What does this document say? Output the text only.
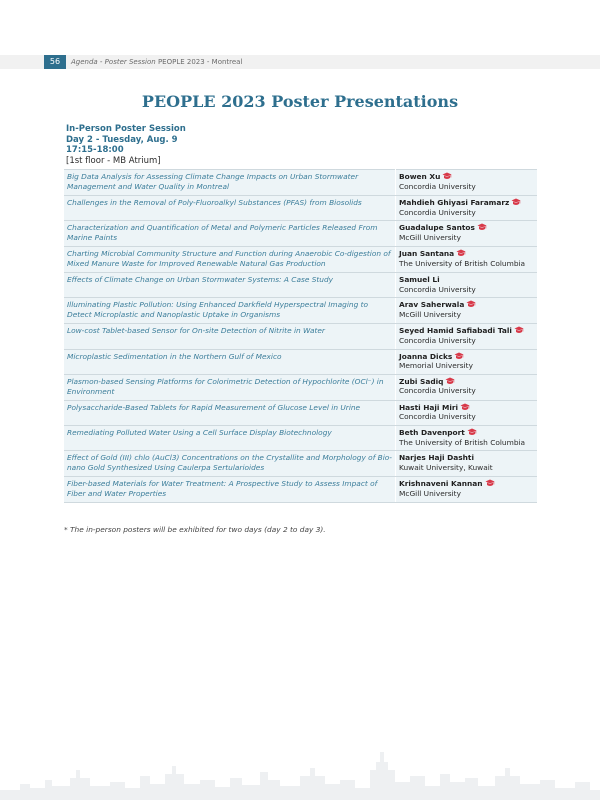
56	Agenda - Poster Session PEOPLE 2023 - Montreal
PEOPLE 2023 Poster Presentations
In-Person Poster Session
Day 2 - Tuesday, Aug. 9
17:15-18:00
[1st floor - MB Atrium]
Big Data Analysis for Assessing Climate Change Impacts on Urban Stormwater Management and Water Quality in Montreal	Bowen Xu
Concordia University

Challenges in the Removal of Poly-Fluoroalkyl Substances (PFAS) from Biosolids	Mahdieh Ghiyasi Faramarz
Concordia University

Characterization and Quantification of Metal and Polymeric Particles Released From Marine Paints	Guadalupe Santos
McGill University

Charting Microbial Community Structure and Function during Anaerobic Co-digestion of Mixed Manure Waste for Improved Renewable Natural Gas Production	Juan Santana
The University of British Columbia

Effects of Climate Change on Urban Stormwater Systems: A Case Study	Samuel Li
Concordia University

Illuminating Plastic Pollution: Using Enhanced Darkfield Hyperspectral Imaging to Detect Microplastic and Nanoplastic Uptake in Organisms	Arav Saherwala
McGill University

Low-cost Tablet-based Sensor for On-site Detection of Nitrite in Water	Seyed Hamid Safiabadi Tali
Concordia University

Microplastic Sedimentation in the Northern Gulf of Mexico	Joanna Dicks
Memorial University

Plasmon-based Sensing Platforms for Colorimetric Detection of Hypochlorite (OCl⁻) in Environment	Zubi Sadiq
Concordia University

Polysaccharide-Based Tablets for Rapid Measurement of Glucose Level in Urine	Hasti Haji Miri
Concordia University

Remediating Polluted Water Using a Cell Surface Display Biotechnology	Beth Davenport
The University of British Columbia

Effect of Gold (III) chlo (AuCl3) Concentrations on the Crystallite and Morphology of Bio-nano Gold Synthesized Using Caulerpa Sertularioides	Narjes Haji Dashti
Kuwait University, Kuwait

Fiber-based Materials for Water Treatment: A Prospective Study to Assess Impact of Fiber and Water Properties	Krishnaveni Kannan
McGill University
* The in-person posters will be exhibited for two days (day 2 to day 3).
